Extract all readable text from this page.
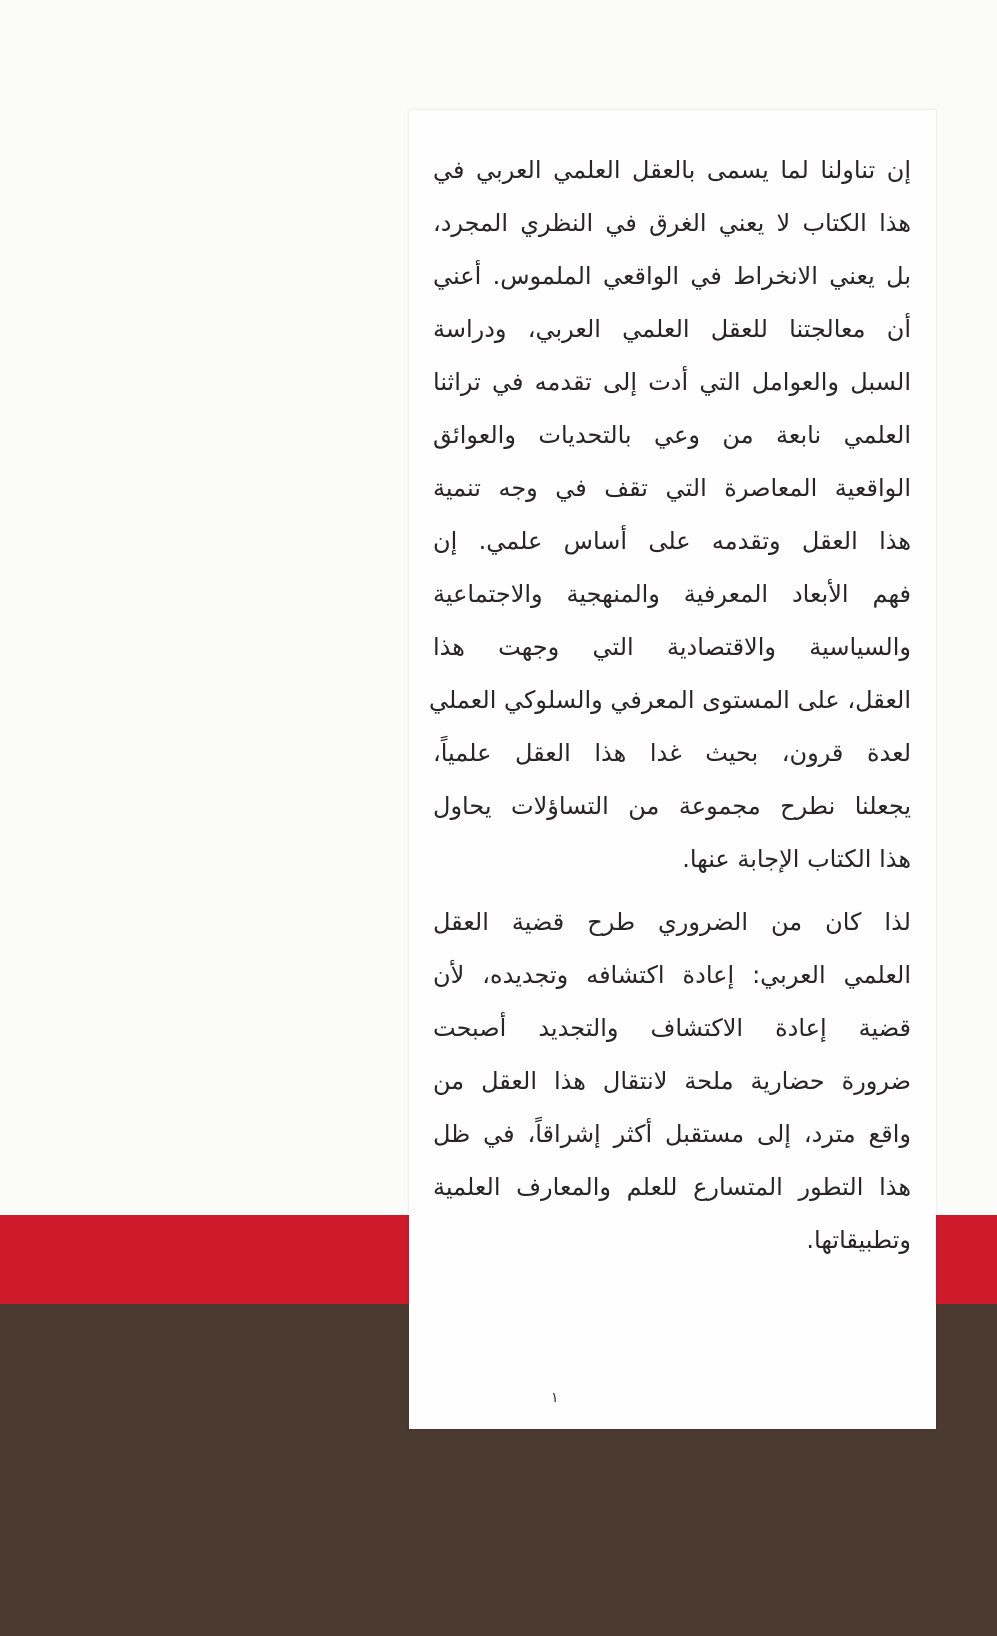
إن تناولنا لما يسمى بالعقل العلمي العربي في
هذا الكتاب لا يعني الغرق في النظري المجرد،
بل يعني الانخراط في الواقعي الملموس. أعني
أن معالجتنا للعقل العلمي العربي، ودراسة
السبل والعوامل التي أدت إلى تقدمه في تراثنا
العلمي نابعة من وعي بالتحديات والعوائق
الواقعية المعاصرة التي تقف في وجه تنمية
هذا العقل وتقدمه على أساس علمي. إن
فهم الأبعاد المعرفية والمنهجية والاجتماعية
والسياسية والاقتصادية التي وجهت هذا
العقل، على المستوى المعرفي والسلوكي العملي
لعدة قرون، بحيث غدا هذا العقل علمياً،
يجعلنا نطرح مجموعة من التساؤلات يحاول
هذا الكتاب الإجابة عنها.
لذا كان من الضروري طرح قضية العقل
العلمي العربي: إعادة اكتشافه وتجديده، لأن
قضية إعادة الاكتشاف والتجديد أصبحت
ضرورة حضارية ملحة لانتقال هذا العقل من
واقع مترد، إلى مستقبل أكثر إشراقاً، في ظل
هذا التطور المتسارع للعلم والمعارف العلمية
وتطبيقاتها.
١
